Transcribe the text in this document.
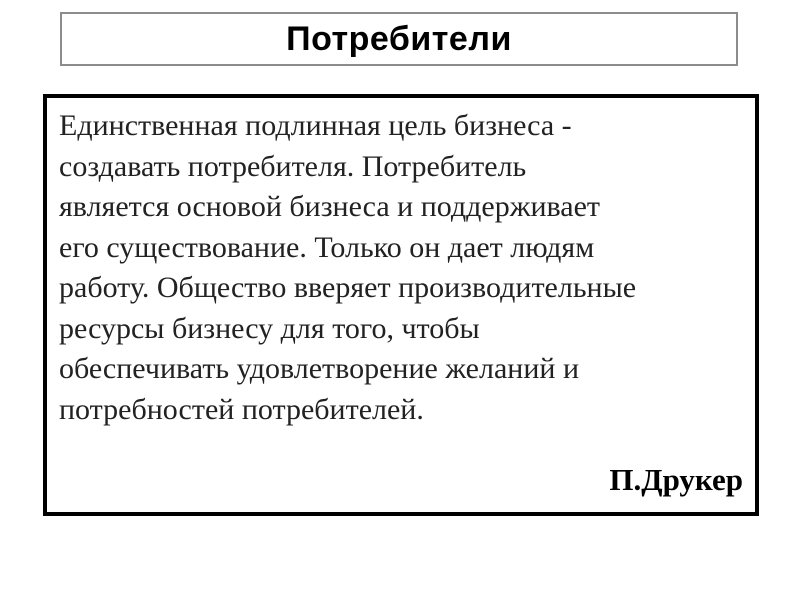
Потребители

Единственная подлинная цель бизнеса -
создавать потребителя. Потребитель
является основой бизнеса и поддерживает
его существование. Только он дает людям
работу. Общество вверяет производительные
ресурсы бизнесу для того, чтобы
обеспечивать удовлетворение желаний и
потребностей потребителей.

П.Друкер
